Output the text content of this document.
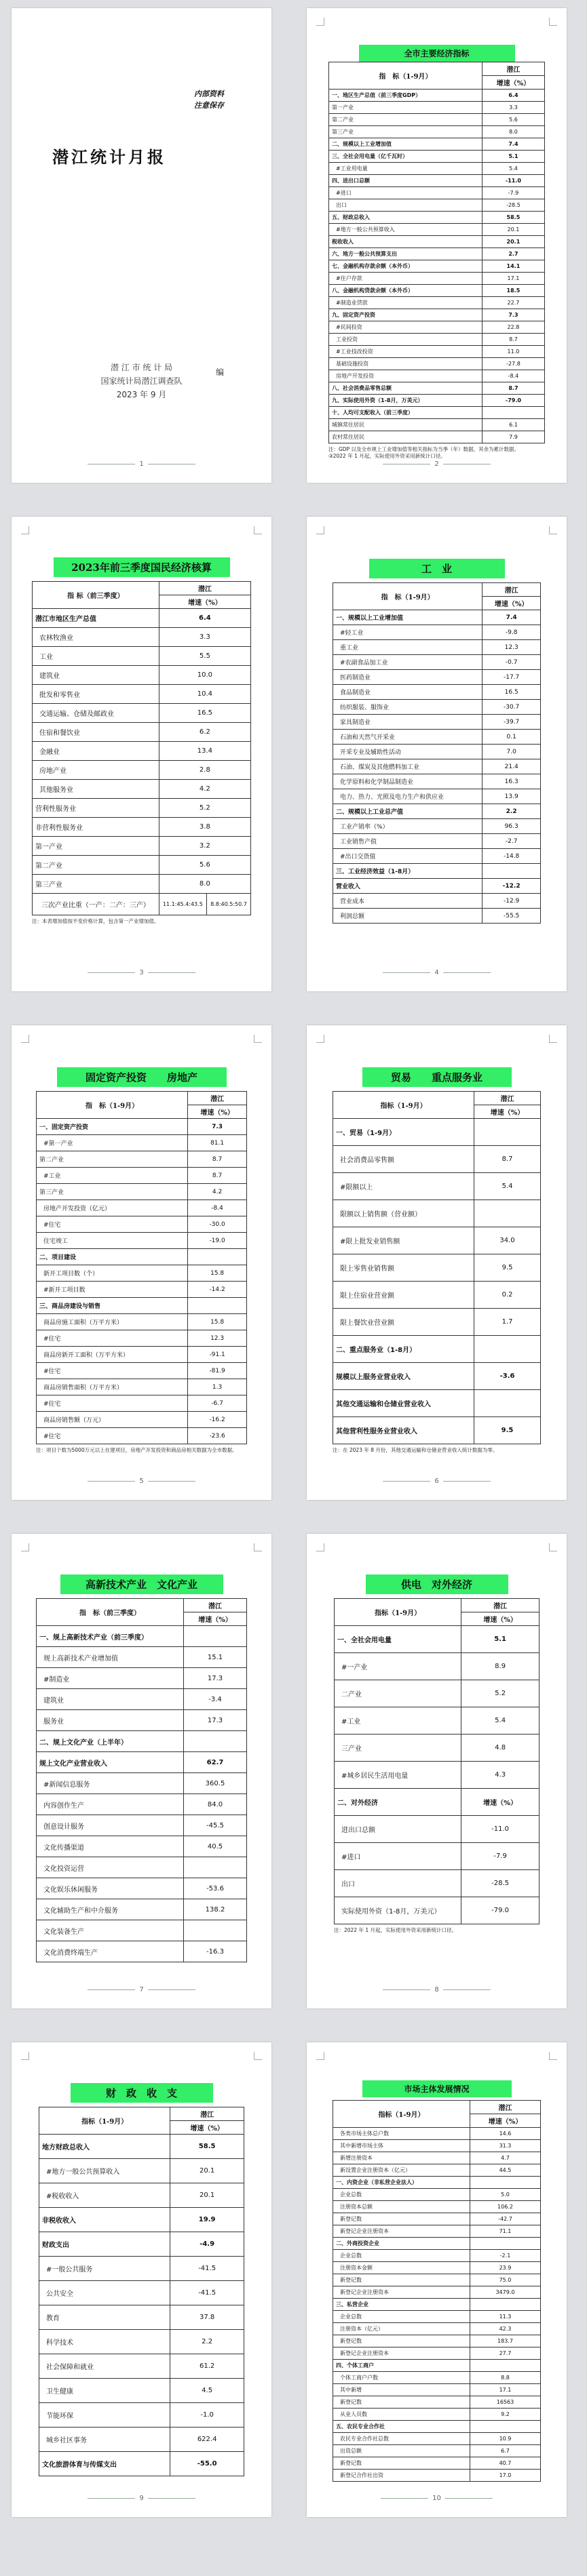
内部资料
注意保存
潜江统计月报
潜 江 市 统 计 局
国家统计局潜江调查队
2023 年 9 月
编
1
全市主要经济指标
指　标（1-9月）	潜江
	增速（%）
一、地区生产总值（前三季度GDP）	6.4
第一产业	3.3
第二产业	5.6
第三产业	8.0
二、规模以上工业增加值	7.4
三、全社会用电量（亿千瓦时）	5.1
#工业用电量	5.4
四、进出口总额	-11.0
#进口	-7.9
出口	-28.5
五、财政总收入	58.5
#地方一般公共预算收入	20.1
税收收入	20.1
六、地方一般公共预算支出	2.7
七、金融机构存款余额（本外币）	14.1
#住户存款	17.1
八、金融机构贷款余额（本外币）	18.5
#制造业贷款	22.7
九、固定资产投资	7.3
#民间投资	22.8
工业投资	8.7
#工业技改投资	11.0
基础设施投资	-27.8
房地产开发投资	-8.4
八、社会消费品零售总额	8.7
九、实际使用外资（1-8月，万美元）	-79.0
十、人均可支配收入（前三季度）	
城镇常住居民	6.1
农村常住居民	7.9
注：GDP 以及全市规上工业增加值等相关指标为当季（年）数据，其余为累计数据。
③2022 年 1 月起，实际使用外资采用新统计口径。
2
2023年前三季度国民经济核算
指 标（前三季度）	潜江	
	增速（%）	
潜江市地区生产总值	6.4	
农林牧渔业	3.3	
工业	5.5	
建筑业	10.0	
批发和零售业	10.4	
交通运输、仓储及邮政业	16.5	
住宿和餐饮业	6.2	
金融业	13.4	
房地产业	2.8	
其他服务业	4.2	
营利性服务业	5.2	
非营利性服务业	3.8	
第一产业	3.2	
第二产业	5.6	
第三产业	8.0	
三次产业比重（一产：二产：三产）	11.1:45.4:43.5	8.8:40.5:50.7
注：本表增加值按不变价格计算，包含第一产业增加值。
3
工　业
指　标（1-9月）	潜江
	增速（%）
一、规模以上工业增加值	7.4
#轻工业	-9.8
重工业	12.3
#农副食品加工业	-0.7
医药制造业	-17.7
食品制造业	16.5
纺织服装、服饰业	-30.7
家具制造业	-39.7
石油和天然气开采业	0.1
开采专业及辅助性活动	7.0
石油、煤炭及其他燃料加工业	21.4
化学原料和化学制品制造业	16.3
电力、热力、光照及电力生产和供应业	13.9
二、规模以上工业总产值	2.2
工业产销率（%）	96.3
工业销售产值	-2.7
#出口交货值	-14.8
三、工业经济效益（1-8月）	
营业收入	-12.2
营业成本	-12.9
利润总额	-55.5
4
固定资产投资　　房地产
指　标（1-9月）	潜江
	增速（%）
一、固定资产投资	7.3
#第一产业	81.1
第二产业	8.7
#工业	8.7
第三产业	4.2
房地产开发投资（亿元）	-8.4
#住宅	-30.0
住宅竣工	-19.0
二、项目建设	
新开工项目数（个）	15.8
#新开工项目数	-14.2
三、商品房建设与销售	
商品房施工面积（万平方米）	15.8
#住宅	12.3
商品房新开工面积（万平方米）	-91.1
#住宅	-81.9
商品房销售面积（万平方米）	1.3
#住宅	-6.7
商品房销售额（万元）	-16.2
#住宅	-23.6
注：项目个数为5000万元以上在建项目，房地产开发投资和商品房相关数据为全市数据。
5
贸易　　重点服务业
指标（1-9月）	潜江
	增速（%）
一、贸易（1-9月）	
社会消费品零售额	8.7
#限额以上	5.4
限额以上销售额（营业额）	
#限上批发业销售额	34.0
限上零售业销售额	9.5
限上住宿业营业额	0.2
限上餐饮业营业额	1.7
二、重点服务业（1-8月）	
规模以上服务业营业收入	-3.6
其他交通运输和仓储业营业收入	
其他营利性服务业营业收入	9.5
注：在 2023 年 8 月份，其他交通运输和仓储业营业收入统计数据为零。
6
高新技术产业　文化产业
指　标（前三季度）	潜江
	增速（%）
一、规上高新技术产业（前三季度）	
规上高新技术产业增加值	15.1
#制造业	17.3
建筑业	-3.4
服务业	17.3
二、规上文化产业（上半年）	
规上文化产业营业收入	62.7
#新闻信息服务	360.5
内容创作生产	84.0
创意设计服务	-45.5
文化传播渠道	40.5
文化投资运营	
文化娱乐休闲服务	-53.6
文化辅助生产和中介服务	138.2
文化装备生产	
文化消费终端生产	-16.3
7
供电　对外经济
指标（1-9月）	潜江
	增速（%）
一、全社会用电量	5.1
#一产业	8.9
二产业	5.2
#工业	5.4
三产业	4.8
#城乡居民生活用电量	4.3
二、对外经济	增速（%）
进出口总额	-11.0
#进口	-7.9
出口	-28.5
实际使用外资（1-8月，万美元）	-79.0
注：2022 年 1 月起，实际使用外资采用新统计口径。
8
财　政　收　支
指标（1-9月）	潜江
	增速（%）
地方财政总收入	58.5
#地方一般公共预算收入	20.1
#税收收入	20.1
非税收收入	19.9
财政支出	-4.9
#一般公共服务	-41.5
公共安全	-41.5
教育	37.8
科学技术	2.2
社会保障和就业	61.2
卫生健康	4.5
节能环保	-1.0
城乡社区事务	622.4
文化旅游体育与传媒支出	-55.0
9
市场主体发展情况
指标（1-9月）	潜江
	增速（%）
各类市场主体总户数	14.6
其中新增市场主体	31.3
新增注册资本	4.7
新设置企业注册资本（亿元）	44.5
一、内资企业（非私营企业法人）	
企业总数	5.0
注册资本总额	106.2
新登记数	-42.7
新登记企业注册资本	71.1
二、外商投资企业	
企业总数	-2.1
注册资本金额	23.9
新登记数	75.0
新登记企业注册资本	3479.0
三、私营企业	
企业总数	11.3
注册资本（亿元）	42.3
新登记数	183.7
新登记企业注册资本	27.7
四、个体工商户	
个体工商户户数	8.8
其中新增	17.1
新登记数	16563
从业人员数	9.2
五、农民专业合作社	
农民专业合作社总数	10.9
出资总额	6.7
新登记数	40.7
新登记合作社出资	17.0
10
